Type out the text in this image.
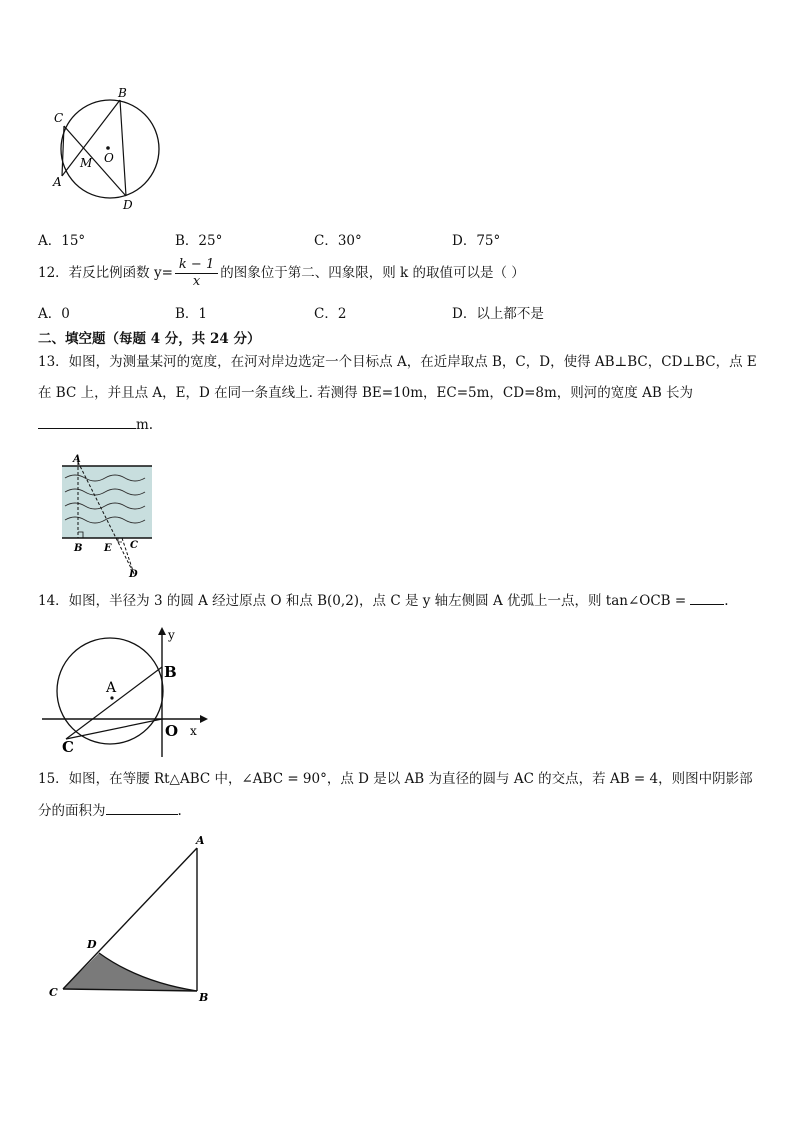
B
C
A
D
M O
A．15°	B．25°	C．30°	D．75°
12．若反比例函数 $y= \frac{k - 1}{x}$ 的图象位于第二、四象限，则 k 的取值可以是（ ）
A．0	B．1	C．2	D．以上都不是
二、填空题（每题 4 分，共 24 分）
13．如图，为测量某河的宽度，在河对岸边选定一个目标点 A，在近岸取点 B，C，D，使得 AB⊥BC，CD⊥BC，点 E
在 BC 上，并且点 A，E，D 在同一条直线上. 若测得 BE=10m，EC=5m，CD=8m，则河的宽度 AB 长为
m.
A
B E C
D
14．如图，半径为 3 的圆 A 经过原点 O 和点 B(0,2)，点 C 是 y 轴左侧圆 A 优弧上一点，则 tan∠OCB =	.
y
B
A
C
O x
15．如图，在等腰 Rt△ABC 中，∠ABC = 90°，点 D 是以 AB 为直径的圆与 AC 的交点，若 AB = 4，则图中阴影部
分的面积为	.
A
D
C	B
